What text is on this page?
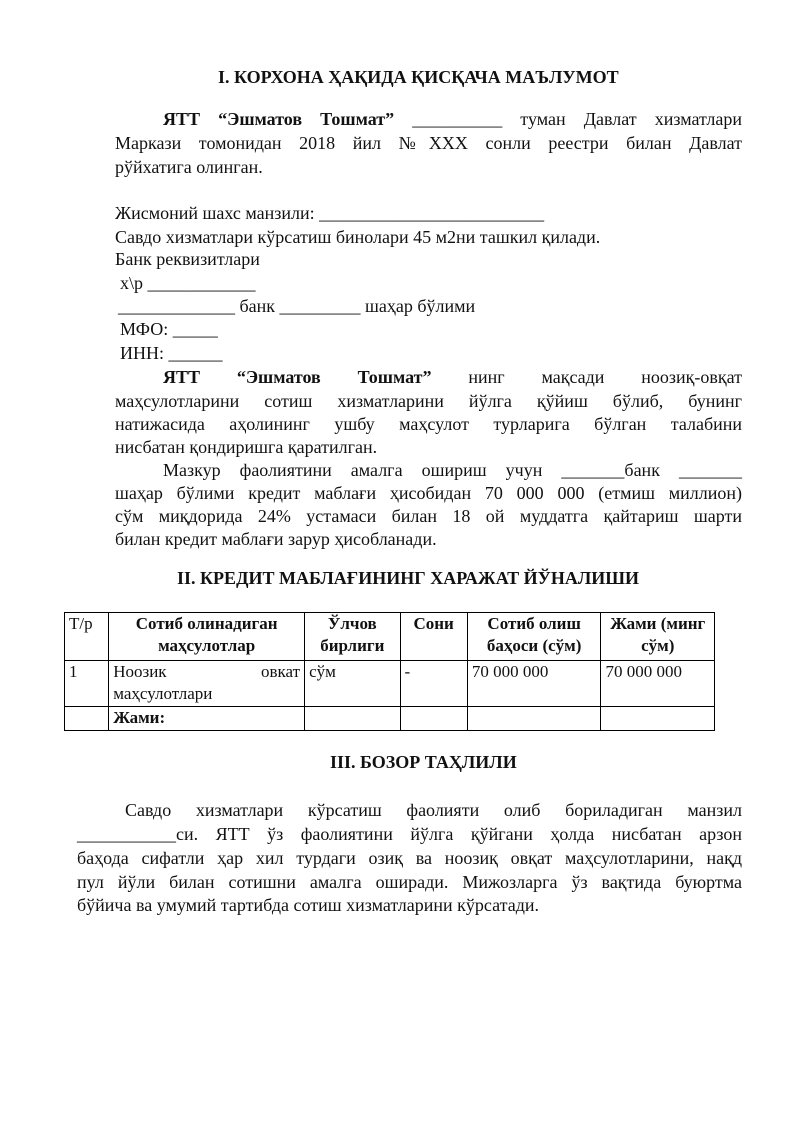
I. КОРХОНА ҲАҚИДА ҚИСҚАЧА МАЪЛУМОТ
ЯТТ “Эшматов Тошмат” __________ туман Давлат хизматлари
Маркази томонидан 2018 йил №XXX сонли реестри билан Давлат
рўйхатига олинган.
Жисмоний шахс манзили: _________________________
Савдо хизматлари кўрсатиш бинолари 45 м2ни ташкил қилади.
Банк реквизитлари
х\р ____________
_____________ банк _________ шаҳар бўлими
МФО: _____
ИНН: ______
ЯТТ “Эшматов Тошмат” нинг мақсади ноозиқ-овқат
маҳсулотларини сотиш хизматларини йўлга қўйиш бўлиб, бунинг
натижасида аҳолининг ушбу маҳсулот турларига бўлган талабини
нисбатан қондиришга қаратилган.
Мазкур фаолиятини амалга ошириш учун _______банк _______
шаҳар бўлими кредит маблағи ҳисобидан 70 000 000 (етмиш миллион)
сўм миқдорида 24% устамаси билан 18 ой муддатга қайтариш шарти
билан кредит маблағи зарур ҳисобланади.
II. КРЕДИТ МАБЛАҒИНИНГ ХАРАЖАТ ЙЎНАЛИШИ
Т/р	Сотиб олинадиган маҳсулотлар	Ўлчов бирлиги	Сони	Сотиб олиш баҳоси (сўм)	Жами (минг сўм)
1	Ноозик овкат
маҳсулотлари	сўм	-	70 000 000	70 000 000
	Жами:				
III. БОЗОР ТАҲЛИЛИ
Савдо хизматлари кўрсатиш фаолияти олиб бориладиган манзил
___________си. ЯТТ ўз фаолиятини йўлга қўйгани ҳолда нисбатан арзон
баҳода сифатли ҳар хил турдаги озиқ ва ноозиқ овқат маҳсулотларини, нақд
пул йўли билан сотишни амалга оширади. Мижозларга ўз вақтида буюртма
бўйича ва умумий тартибда сотиш хизматларини кўрсатади.
